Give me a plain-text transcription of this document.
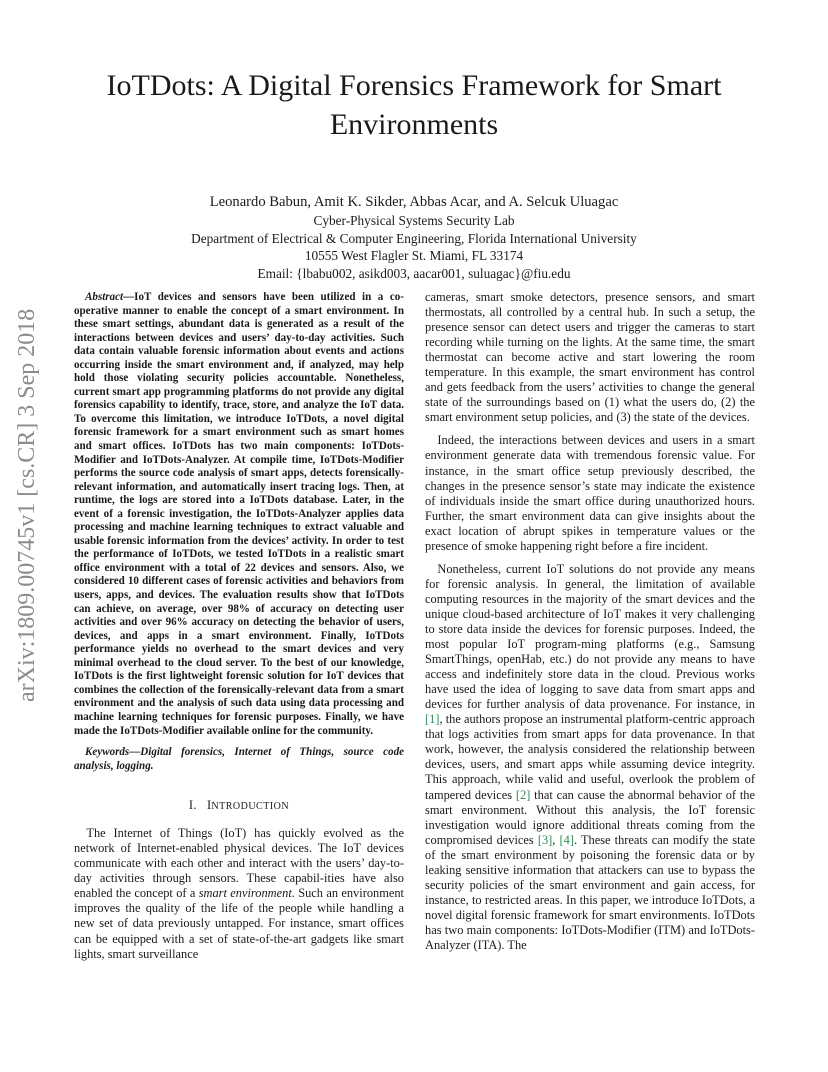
IoTDots: A Digital Forensics Framework for Smart Environments
Leonardo Babun, Amit K. Sikder, Abbas Acar, and A. Selcuk Uluagac
Cyber-Physical Systems Security Lab
Department of Electrical & Computer Engineering, Florida International University
10555 West Flagler St. Miami, FL 33174
Email: {lbabu002, asikd003, aacar001, suluagac}@fiu.edu
arXiv:1809.00745v1 [cs.CR] 3 Sep 2018

Abstract—IoT devices and sensors have been utilized in a co-operative manner to enable the concept of a smart environment. In these smart settings, abundant data is generated as a result of the interactions between devices and users’ day-to-day activities. Such data contain valuable forensic information about events and actions occurring inside the smart environment and, if analyzed, may help hold those violating security policies accountable. Nonetheless, current smart app programming platforms do not provide any digital forensics capability to identify, trace, store, and analyze the IoT data. To overcome this limitation, we introduce IoTDots, a novel digital forensic framework for a smart environment such as smart homes and smart offices. IoTDots has two main components: IoTDots-Modifier and IoTDots-Analyzer. At compile time, IoTDots-Modifier performs the source code analysis of smart apps, detects forensically-relevant information, and automatically insert tracing logs. Then, at runtime, the logs are stored into a IoTDots database. Later, in the event of a forensic investigation, the IoTDots-Analyzer applies data processing and machine learning techniques to extract valuable and usable forensic information from the devices’ activity. In order to test the performance of IoTDots, we tested IoTDots in a realistic smart office environment with a total of 22 devices and sensors. Also, we considered 10 different cases of forensic activities and behaviors from users, apps, and devices. The evaluation results show that IoTDots can achieve, on average, over 98% of accuracy on detecting user activities and over 96% accuracy on detecting the behavior of users, devices, and apps in a smart environment. Finally, IoTDots performance yields no overhead to the smart devices and very minimal overhead to the cloud server. To the best of our knowledge, IoTDots is the first lightweight forensic solution for IoT devices that combines the collection of the forensically-relevant data from a smart environment and the analysis of such data using data processing and machine learning techniques for forensic purposes. Finally, we have made the IoTDots-Modifier available online for the community.

Keywords—Digital forensics, Internet of Things, source code analysis, logging.

I. INTRODUCTION

The Internet of Things (IoT) has quickly evolved as the network of Internet-enabled physical devices. The IoT devices communicate with each other and interact with the users’ day-to-day activities through sensors. These capabil-ities have also enabled the concept of a smart environment. Such an environment improves the quality of the life of the people while handling a new set of data previously untapped. For instance, smart offices can be equipped with a set of state-of-the-art gadgets like smart lights, smart surveillance

cameras, smart smoke detectors, presence sensors, and smart thermostats, all controlled by a central hub. In such a setup, the presence sensor can detect users and trigger the cameras to start recording while turning on the lights. At the same time, the smart thermostat can become active and start lowering the room temperature. In this example, the smart environment has control and gets feedback from the users’ activities to change the general state of the surroundings based on (1) what the users do, (2) the smart environment setup policies, and (3) the state of the devices.

Indeed, the interactions between devices and users in a smart environment generate data with tremendous forensic value. For instance, in the smart office setup previously described, the changes in the presence sensor’s state may indicate the existence of individuals inside the smart office during unauthorized hours. Further, the smart environment data can give insights about the exact location of abrupt spikes in temperature values or the presence of smoke happening right before a fire incident.

Nonetheless, current IoT solutions do not provide any means for forensic analysis. In general, the limitation of available computing resources in the majority of the smart devices and the unique cloud-based architecture of IoT makes it very challenging to store data inside the devices for forensic purposes. Indeed, the most popular IoT program-ming platforms (e.g., Samsung SmartThings, openHab, etc.) do not provide any means to have access and indefinitely store data in the cloud. Previous works have used the idea of logging to save data from smart apps and devices for further analysis of data provenance. For instance, in [1], the authors propose an instrumental platform-centric approach that logs activities from smart apps for data provenance. In that work, however, the analysis considered the relationship between devices, users, and smart apps while assuming device integrity. This approach, while valid and useful, overlook the problem of tampered devices [2] that can cause the abnormal behavior of the smart environment. Without this analysis, the IoT forensic investigation would ignore additional threats coming from the compromised devices [3], [4]. These threats can modify the state of the smart environment by poisoning the forensic data or by leaking sensitive information that attackers can use to bypass the security policies of the smart environment and gain access, for instance, to restricted areas. In this paper, we introduce IoTDots, a novel digital forensic framework for smart environments. IoTDots has two main components: IoTDots-Modifier (ITM) and IoTDots-Analyzer (ITA). The
